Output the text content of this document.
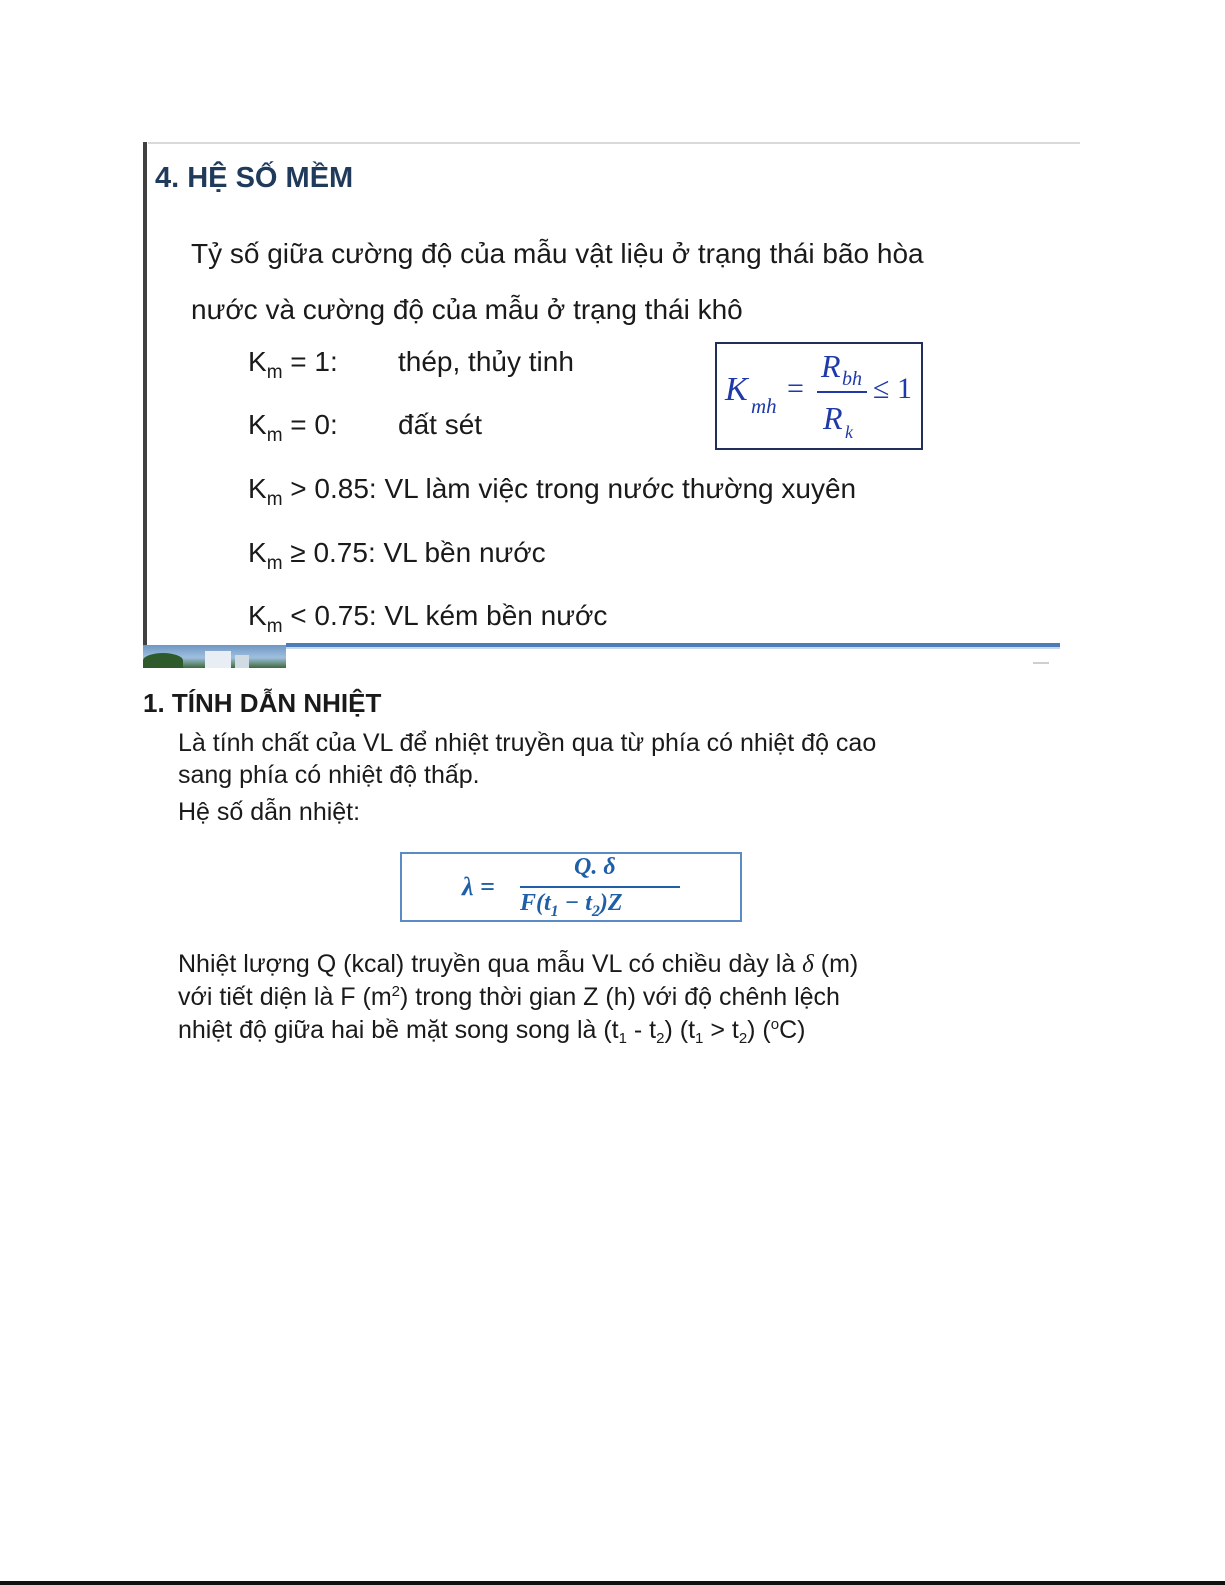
4. HỆ SỐ MỀM
Tỷ số giữa cường độ của mẫu vật liệu ở trạng thái bão hòa
nước và cường độ của mẫu ở trạng thái khô
$K_m = 1$: thép, thủy tinh
$K_m = 0$: đất sét
$K_m > 0.85$: VL làm việc trong nước thường xuyên
$K_m \ge 0.75$: VL bền nước
$K_m < 0.75$: VL kém bền nước
K mh
=
R bh
R k
≤ 1
1. TÍNH DẪN NHIỆT
Là tính chất của VL để nhiệt truyền qua từ phía có nhiệt độ cao
sang phía có nhiệt độ thấp.
Hệ số dẫn nhiệt:
λ =
Q. δ
$F(t_1 - t_2)Z$
Nhiệt lượng Q (kcal) truyền qua mẫu VL có chiều dày là δ (m)
với tiết diện là F $(m^2)$ trong thời gian Z (h) với độ chênh lệch
nhiệt độ giữa hai bề mặt song song là $(t_1 - t_2) (t_1 > t_2)$ ($^o$C)
